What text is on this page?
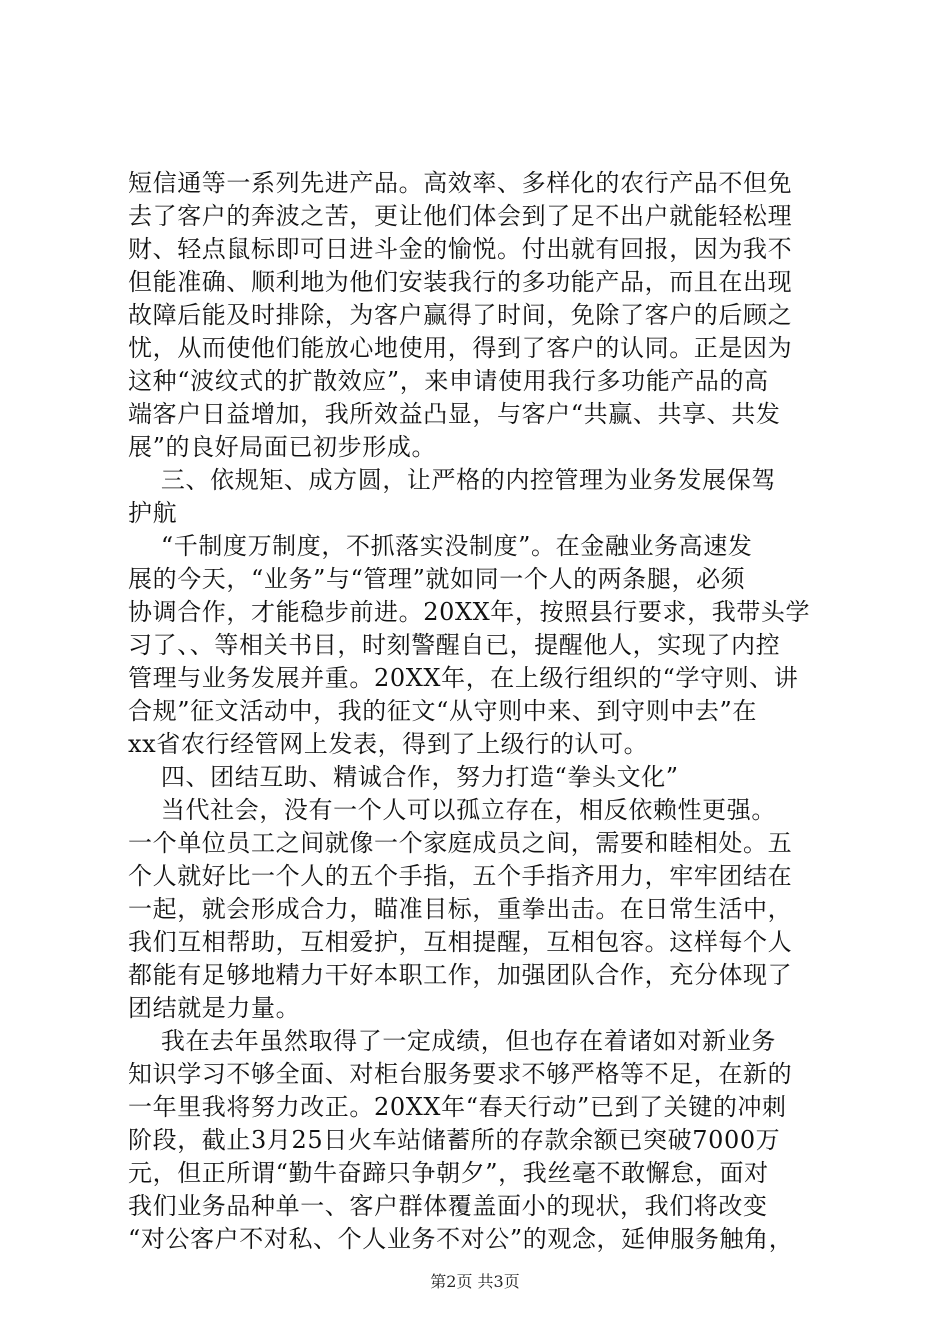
短信通等一系列先进产品。高效率、多样化的农行产品不但免
去了客户的奔波之苦，更让他们体会到了足不出户就能轻松理
财、轻点鼠标即可日进斗金的愉悦。付出就有回报，因为我不
但能准确、顺利地为他们安装我行的多功能产品，而且在出现
故障后能及时排除，为客户赢得了时间，免除了客户的后顾之
忧，从而使他们能放心地使用，得到了客户的认同。正是因为
这种“波纹式的扩散效应”，来申请使用我行多功能产品的高
端客户日益增加，我所效益凸显，与客户“共赢、共享、共发
展”的良好局面已初步形成。
三、依规矩、成方圆，让严格的内控管理为业务发展保驾
护航
“千制度万制度，不抓落实没制度”。在金融业务高速发
展的今天，“业务”与“管理”就如同一个人的两条腿，必须
协调合作，才能稳步前进。20XX年，按照县行要求，我带头学
习了、、等相关书目，时刻警醒自已，提醒他人，实现了内控
管理与业务发展并重。20XX年，在上级行组织的“学守则、讲
合规”征文活动中，我的征文“从守则中来、到守则中去”在
xx省农行经管网上发表，得到了上级行的认可。
四、团结互助、精诚合作，努力打造“拳头文化”
当代社会，没有一个人可以孤立存在，相反依赖性更强。
一个单位员工之间就像一个家庭成员之间，需要和睦相处。五
个人就好比一个人的五个手指，五个手指齐用力，牢牢团结在
一起，就会形成合力，瞄准目标，重拳出击。在日常生活中，
我们互相帮助，互相爱护，互相提醒，互相包容。这样每个人
都能有足够地精力干好本职工作，加强团队合作，充分体现了
团结就是力量。
我在去年虽然取得了一定成绩，但也存在着诸如对新业务
知识学习不够全面、对柜台服务要求不够严格等不足，在新的
一年里我将努力改正。20XX年“春天行动”已到了关键的冲刺
阶段，截止3月25日火车站储蓄所的存款余额已突破7000万
元，但正所谓“勤牛奋蹄只争朝夕”，我丝毫不敢懈怠，面对
我们业务品种单一、客户群体覆盖面小的现状，我们将改变
“对公客户不对私、个人业务不对公”的观念，延伸服务触角，
第2页 共3页
